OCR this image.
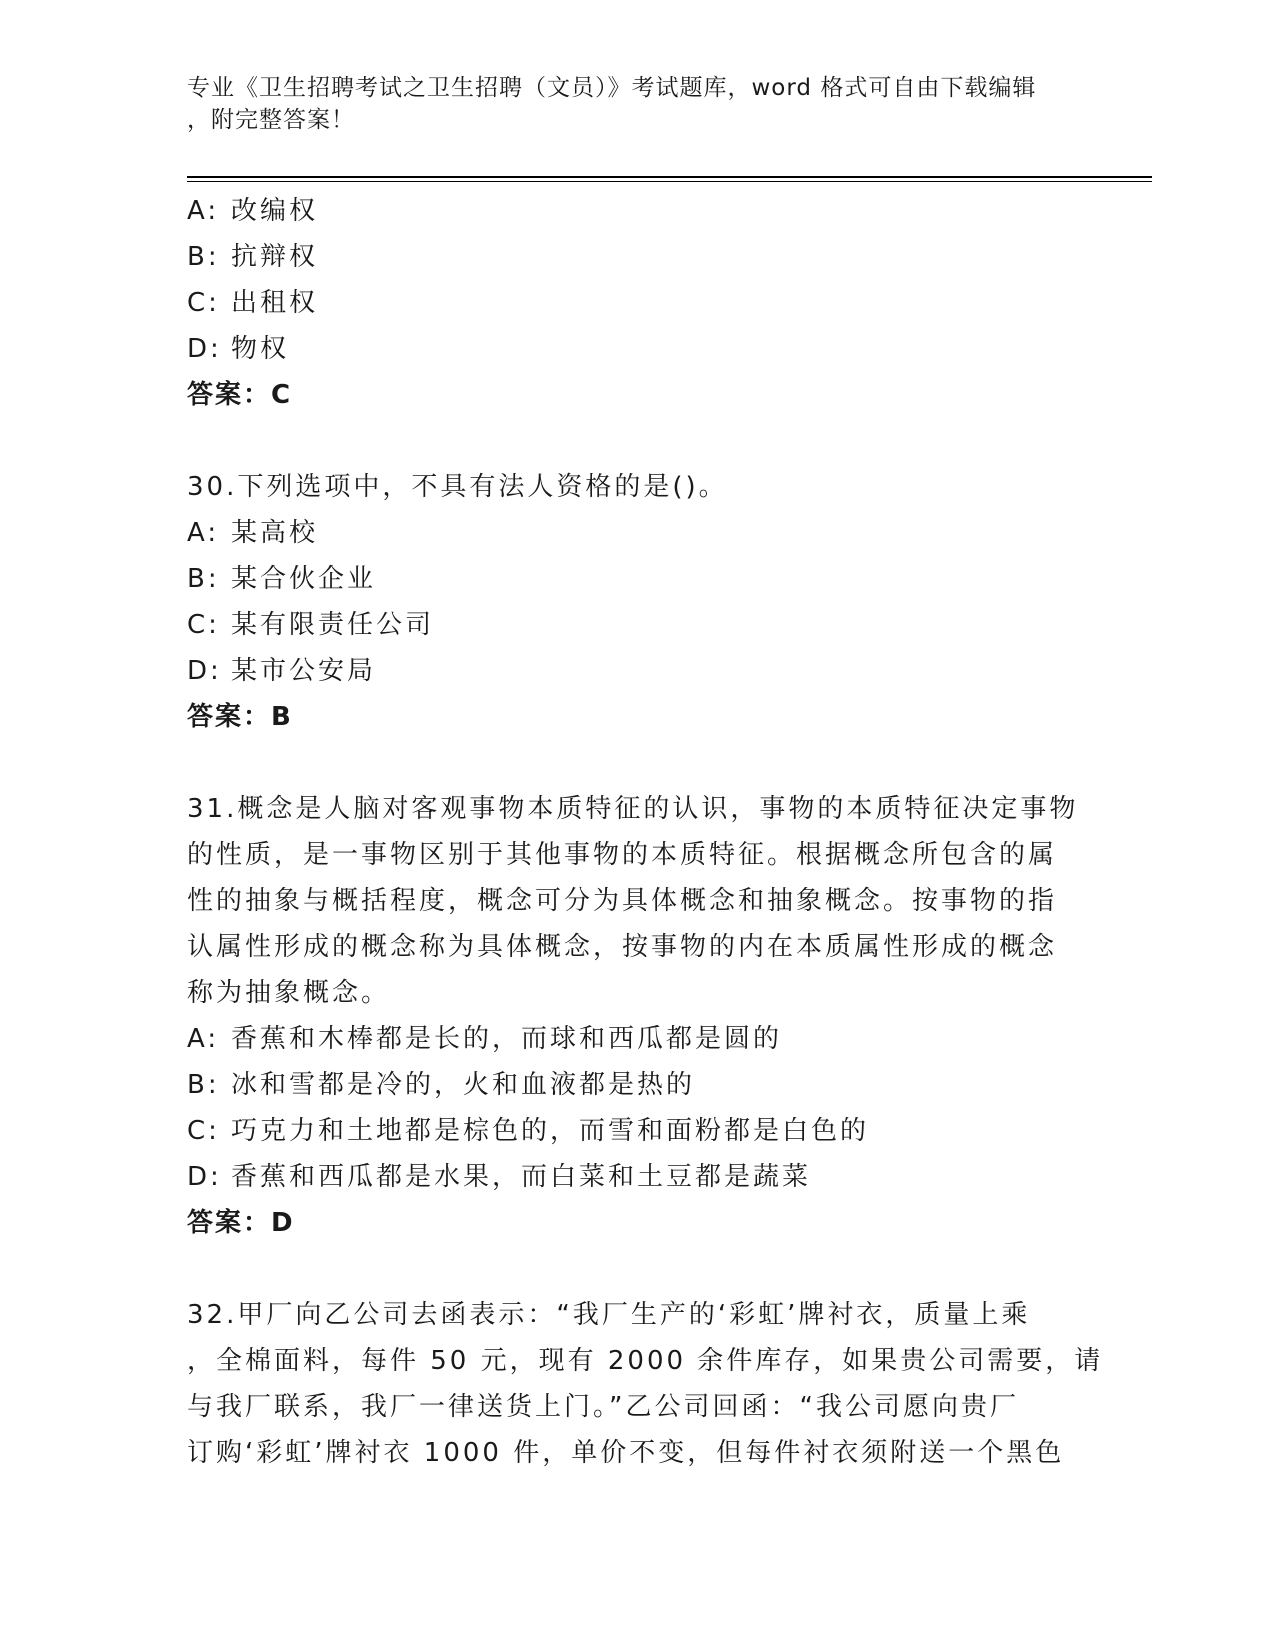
专业《卫生招聘考试之卫生招聘（文员）》考试题库，word 格式可自由下载编辑
，附完整答案！
A: 改编权
B: 抗辩权
C: 出租权
D: 物权
答案：C
30.下列选项中，不具有法人资格的是()。
A: 某高校
B: 某合伙企业
C: 某有限责任公司
D: 某市公安局
答案：B
31.概念是人脑对客观事物本质特征的认识，事物的本质特征决定事物
的性质，是一事物区别于其他事物的本质特征。根据概念所包含的属
性的抽象与概括程度，概念可分为具体概念和抽象概念。按事物的指
认属性形成的概念称为具体概念，按事物的内在本质属性形成的概念
称为抽象概念。
A: 香蕉和木棒都是长的，而球和西瓜都是圆的
B: 冰和雪都是冷的，火和血液都是热的
C: 巧克力和土地都是棕色的，而雪和面粉都是白色的
D: 香蕉和西瓜都是水果，而白菜和土豆都是蔬菜
答案：D
32.甲厂向乙公司去函表示：“我厂生产的‘彩虹’牌衬衣，质量上乘
，全棉面料，每件 50 元，现有 2000 余件库存，如果贵公司需要，请
与我厂联系，我厂一律送货上门。”乙公司回函：“我公司愿向贵厂
订购‘彩虹’牌衬衣 1000 件，单价不变，但每件衬衣须附送一个黑色
